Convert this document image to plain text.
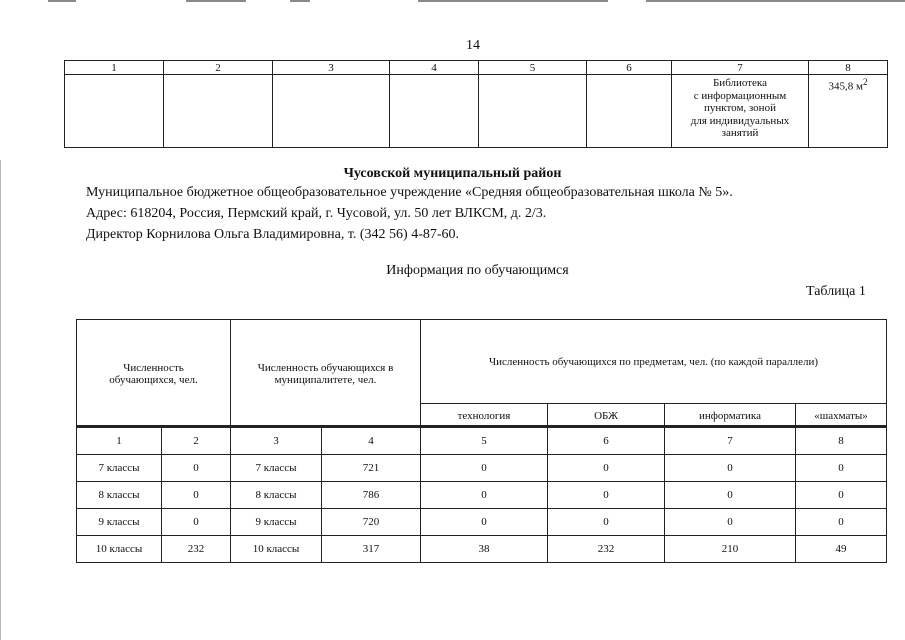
14
1	2	3	4	5	6	7	8

						Библиотека
с информационным
пунктом, зоной
для индивидуальных
занятий	345,8 $м^2$
Чусовской муниципальный район
Муниципальное бюджетное общеобразовательное учреждение «Средняя общеобразовательная школа № 5».
Адрес: 618204, Россия, Пермский край, г. Чусовой, ул. 50 лет ВЛКСМ, д. 2/3.
Директор Корнилова Ольга Владимировна, т. (342 56) 4-87-60.
Информация по обучающимся
Таблица 1
Численность обучающихся, чел.		Численность обучающихся в муниципалитете, чел.		Численность обучающихся по предметам, чел. (по каждой параллели)			
				технология	ОБЖ	информатика	«шахматы»
1	2	3	4	5	6	7	8
7 классы	0	7 классы	721	0	0	0	0
8 классы	0	8 классы	786	0	0	0	0
9 классы	0	9 классы	720	0	0	0	0
10 классы	232	10 классы	317	38	232	210	49
